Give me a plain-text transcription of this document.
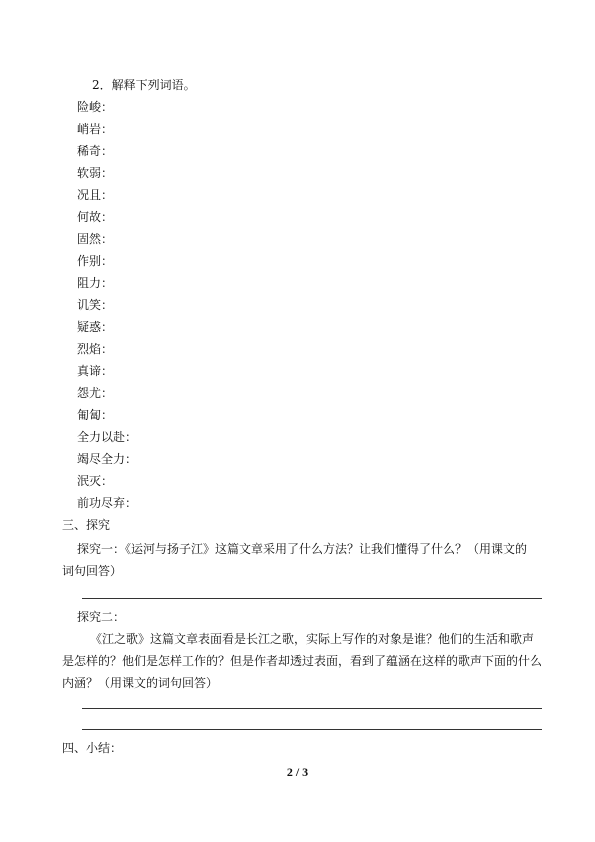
2．解释下列词语。
险峻：
峭岩：
稀奇：
软弱：
况且：
何故：
固然：
作别：
阻力：
讥笑：
疑惑：
烈焰：
真谛：
怨尤：
匍匐：
全力以赴：
竭尽全力：
泯灭：
前功尽弃：
三、探究
探究一：《运河与扬子江》这篇文章采用了什么方法？让我们懂得了什么？（用课文的
词句回答）
探究二：
《江之歌》这篇文章表面看是长江之歌，实际上写作的对象是谁？他们的生活和歌声是怎样的？他们是怎样工作的？但是作者却透过表面，看到了蕴涵在这样的歌声下面的什么内涵？（用课文的词句回答）
四、小结：
2 / 3
